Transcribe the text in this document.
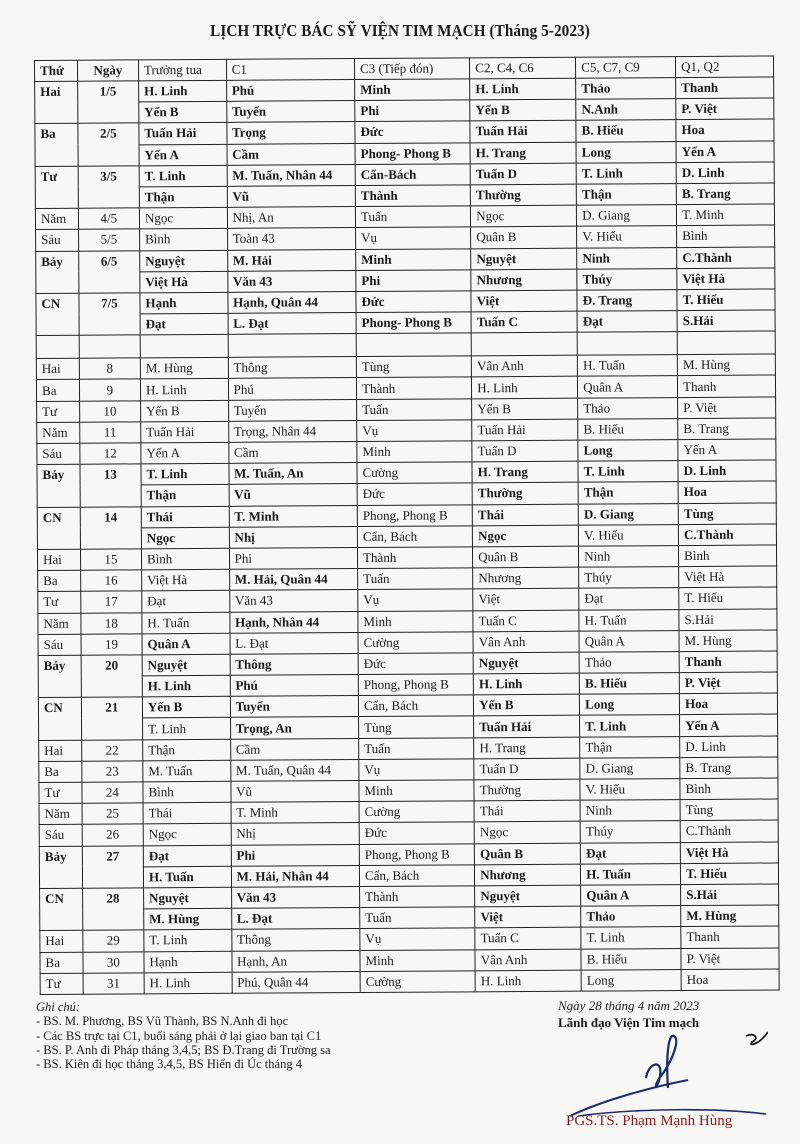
LỊCH TRỰC BÁC SỸ VIỆN TIM MẠCH (Tháng 5-2023)
Thứ	Ngày	Trưởng tua	C1	C3 (Tiếp đón)	C2, C4, C6	C5, C7, C9	Q1, Q2
Hai	1/5	H. Linh	Phú	Minh	H. Linh	Thảo	Thanh
		Yến B	Tuyển	Phi	Yến B	N.Anh	P. Việt
Ba	2/5	Tuấn Hải	Trọng	Đức	Tuấn Hải	B. Hiếu	Hoa
		Yến A	Cầm	Phong- Phong B	H. Trang	Long	Yến A
Tư	3/5	T. Linh	M. Tuấn, Nhân 44	Cẩn-Bách	Tuấn D	T. Linh	D. Linh
		Thận	Vũ	Thành	Thường	Thận	B. Trang
Năm	4/5	Ngọc	Nhị, An	Tuấn	Ngọc	D. Giang	T. Minh
Sáu	5/5	Bình	Toàn 43	Vụ	Quân B	V. Hiếu	Bình
Bảy	6/5	Nguyệt	M. Hải	Minh	Nguyệt	Ninh	C.Thành
		Việt Hà	Văn 43	Phi	Nhương	Thúy	Việt Hà
CN	7/5	Hạnh	Hạnh, Quân 44	Đức	Việt	Đ. Trang	T. Hiếu
		Đạt	L. Đạt	Phong- Phong B	Tuấn C	Đạt	S.Hải

Hai	8	M. Hùng	Thông	Tùng	Vân Anh	H. Tuấn	M. Hùng
Ba	9	H. Linh	Phú	Thành	H. Linh	Quân A	Thanh
Tư	10	Yến B	Tuyển	Tuấn	Yến B	Thảo	P. Việt
Năm	11	Tuấn Hải	Trọng, Nhân 44	Vụ	Tuấn Hải	B. Hiếu	B. Trang
Sáu	12	Yến A	Cầm	Minh	Tuấn D	Long	Yến A
Bảy	13	T. Linh	M. Tuấn, An	Cường	H. Trang	T. Linh	D. Linh
		Thận	Vũ	Đức	Thường	Thận	Hoa
CN	14	Thái	T. Minh	Phong, Phong B	Thái	D. Giang	Tùng
		Ngọc	Nhị	Cẩn, Bách	Ngọc	V. Hiếu	C.Thành
Hai	15	Bình	Phi	Thành	Quân B	Ninh	Bình
Ba	16	Việt Hà	M. Hải, Quân 44	Tuấn	Nhương	Thúy	Việt Hà
Tư	17	Đạt	Văn 43	Vụ	Việt	Đạt	T. Hiếu
Năm	18	H. Tuấn	Hạnh, Nhân 44	Minh	Tuấn C	H. Tuấn	S.Hải
Sáu	19	Quân A	L. Đạt	Cường	Vân Anh	Quân A	M. Hùng
Bảy	20	Nguyệt	Thông	Đức	Nguyệt	Thảo	Thanh
		H. Linh	Phú	Phong, Phong B	H. Linh	B. Hiếu	P. Việt
CN	21	Yến B	Tuyển	Cẩn, Bách	Yến B	Long	Hoa
		T. Linh	Trọng, An	Tùng	Tuấn Hải	T. Linh	Yến A
Hai	22	Thận	Cầm	Tuấn	H. Trang	Thận	D. Linh
Ba	23	M. Tuấn	M. Tuấn, Quân 44	Vụ	Tuấn D	D. Giang	B. Trang
Tư	24	Bình	Vũ	Minh	Thường	V. Hiếu	Bình
Năm	25	Thái	T. Minh	Cường	Thái	Ninh	Tùng
Sáu	26	Ngọc	Nhị	Đức	Ngọc	Thúy	C.Thành
Bảy	27	Đạt	Phi	Phong, Phong B	Quân B	Đạt	Việt Hà
		H. Tuấn	M. Hải, Nhân 44	Cẩn, Bách	Nhương	H. Tuấn	T. Hiếu
CN	28	Nguyệt	Văn 43	Thành	Nguyệt	Quân A	S.Hải
		M. Hùng	L. Đạt	Tuấn	Việt	Thảo	M. Hùng
Hai	29	T. Linh	Thông	Vụ	Tuấn C	T. Linh	Thanh
Ba	30	Hạnh	Hạnh, An	Minh	Vân Anh	B. Hiếu	P. Việt
Tư	31	H. Linh	Phú, Quân 44	Cường	H. Linh	Long	Hoa
Ghi chú:
- BS. M. Phương, BS Vũ Thành, BS N.Anh đi học
- Các BS trực tại C1, buổi sáng phải ở lại giao ban tại C1
- BS. P. Anh đi Pháp tháng 3,4,5; BS Đ.Trang đi Trường sa
- BS. Kiên đi học tháng 3,4,5, BS Hiển đi Úc tháng 4
Ngày 28 tháng 4 năm 2023
Lãnh đạo Viện Tim mạch
PGS.TS. Phạm Mạnh Hùng
